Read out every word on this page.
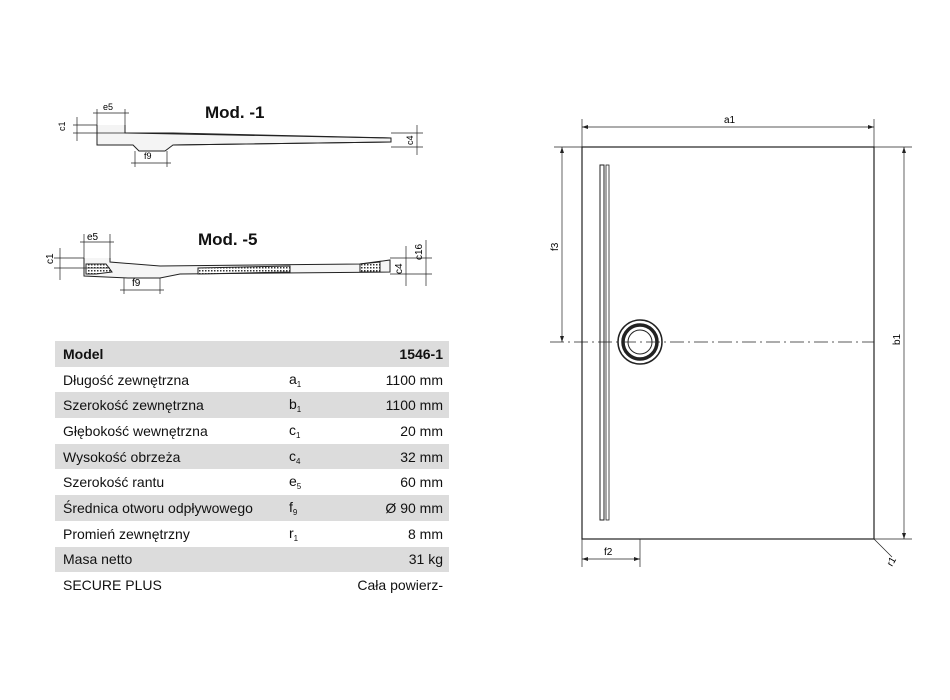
Mod. -1
c1
e5
f9
c4
Mod. -5
c1
e5
f9
c4
c16
Model		1546-1
Długość zewnętrzna	$a_1$	1100 mm
Szerokość zewnętrzna	$b_1$	1100 mm
Głębokość wewnętrzna	$c_1$	20 mm
Wysokość obrzeża	$c_4$	32 mm
Szerokość rantu	$e_5$	60 mm
Średnica otworu odpływowego	$f_9$	Ø 90 mm
Promień zewnętrzny	$r_1$	8 mm
Masa netto		31 kg
SECURE PLUS		Cała powierz-
a1
b1
f3
f2
r1
